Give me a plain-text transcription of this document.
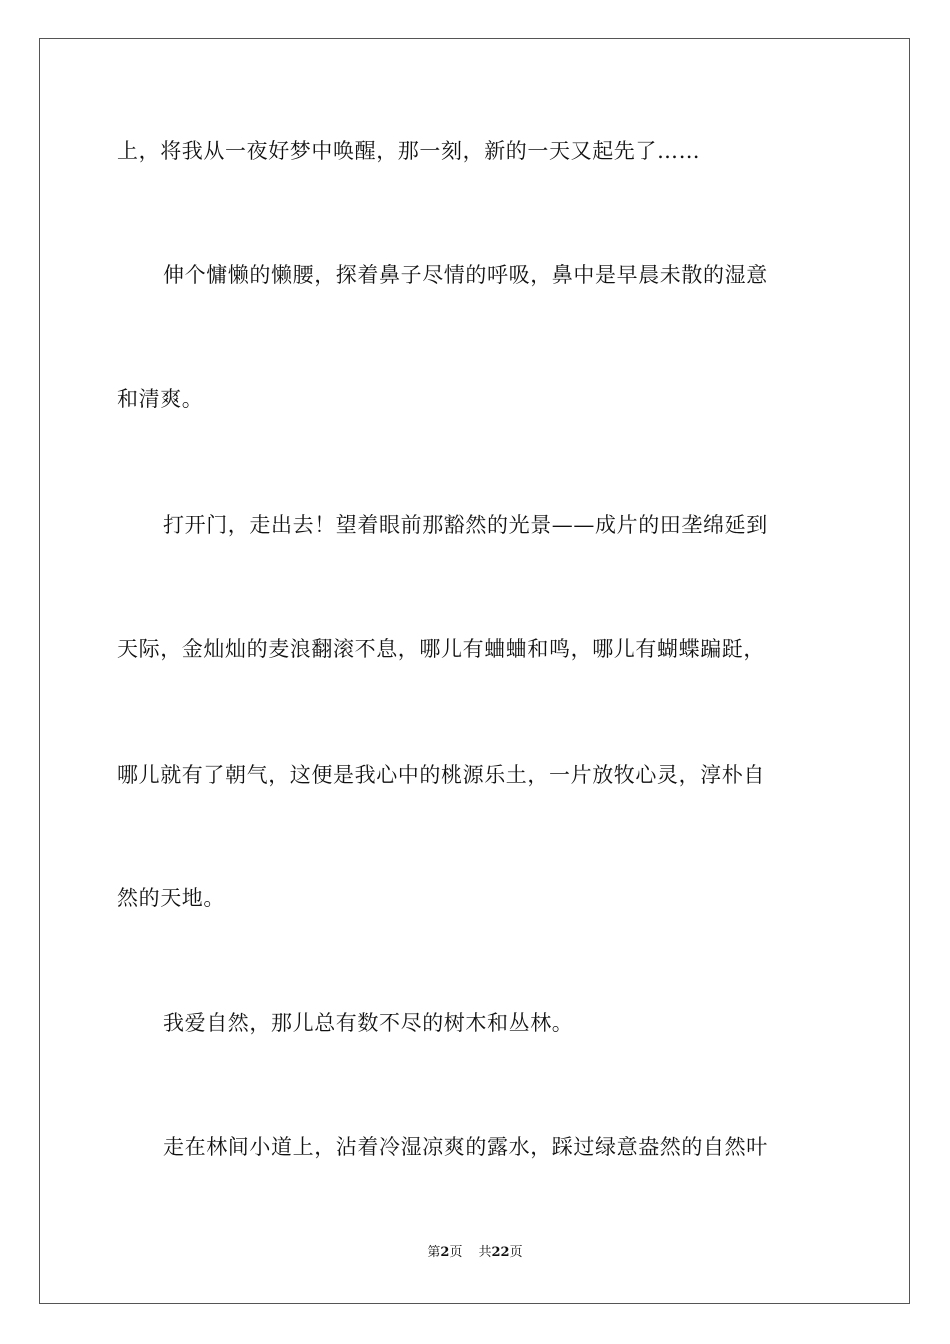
上，将我从一夜好梦中唤醒，那一刻，新的一天又起先了……
伸个慵懒的懒腰，探着鼻子尽情的呼吸，鼻中是早晨未散的湿意
和清爽。
打开门，走出去！望着眼前那豁然的光景——成片的田垄绵延到
天际，金灿灿的麦浪翻滚不息，哪儿有蛐蛐和鸣，哪儿有蝴蝶蹁跹，
哪儿就有了朝气，这便是我心中的桃源乐土，一片放牧心灵，淳朴自
然的天地。
我爱自然，那儿总有数不尽的树木和丛林。
走在林间小道上，沾着冷湿凉爽的露水，踩过绿意盎然的自然叶
第2页 共22页
